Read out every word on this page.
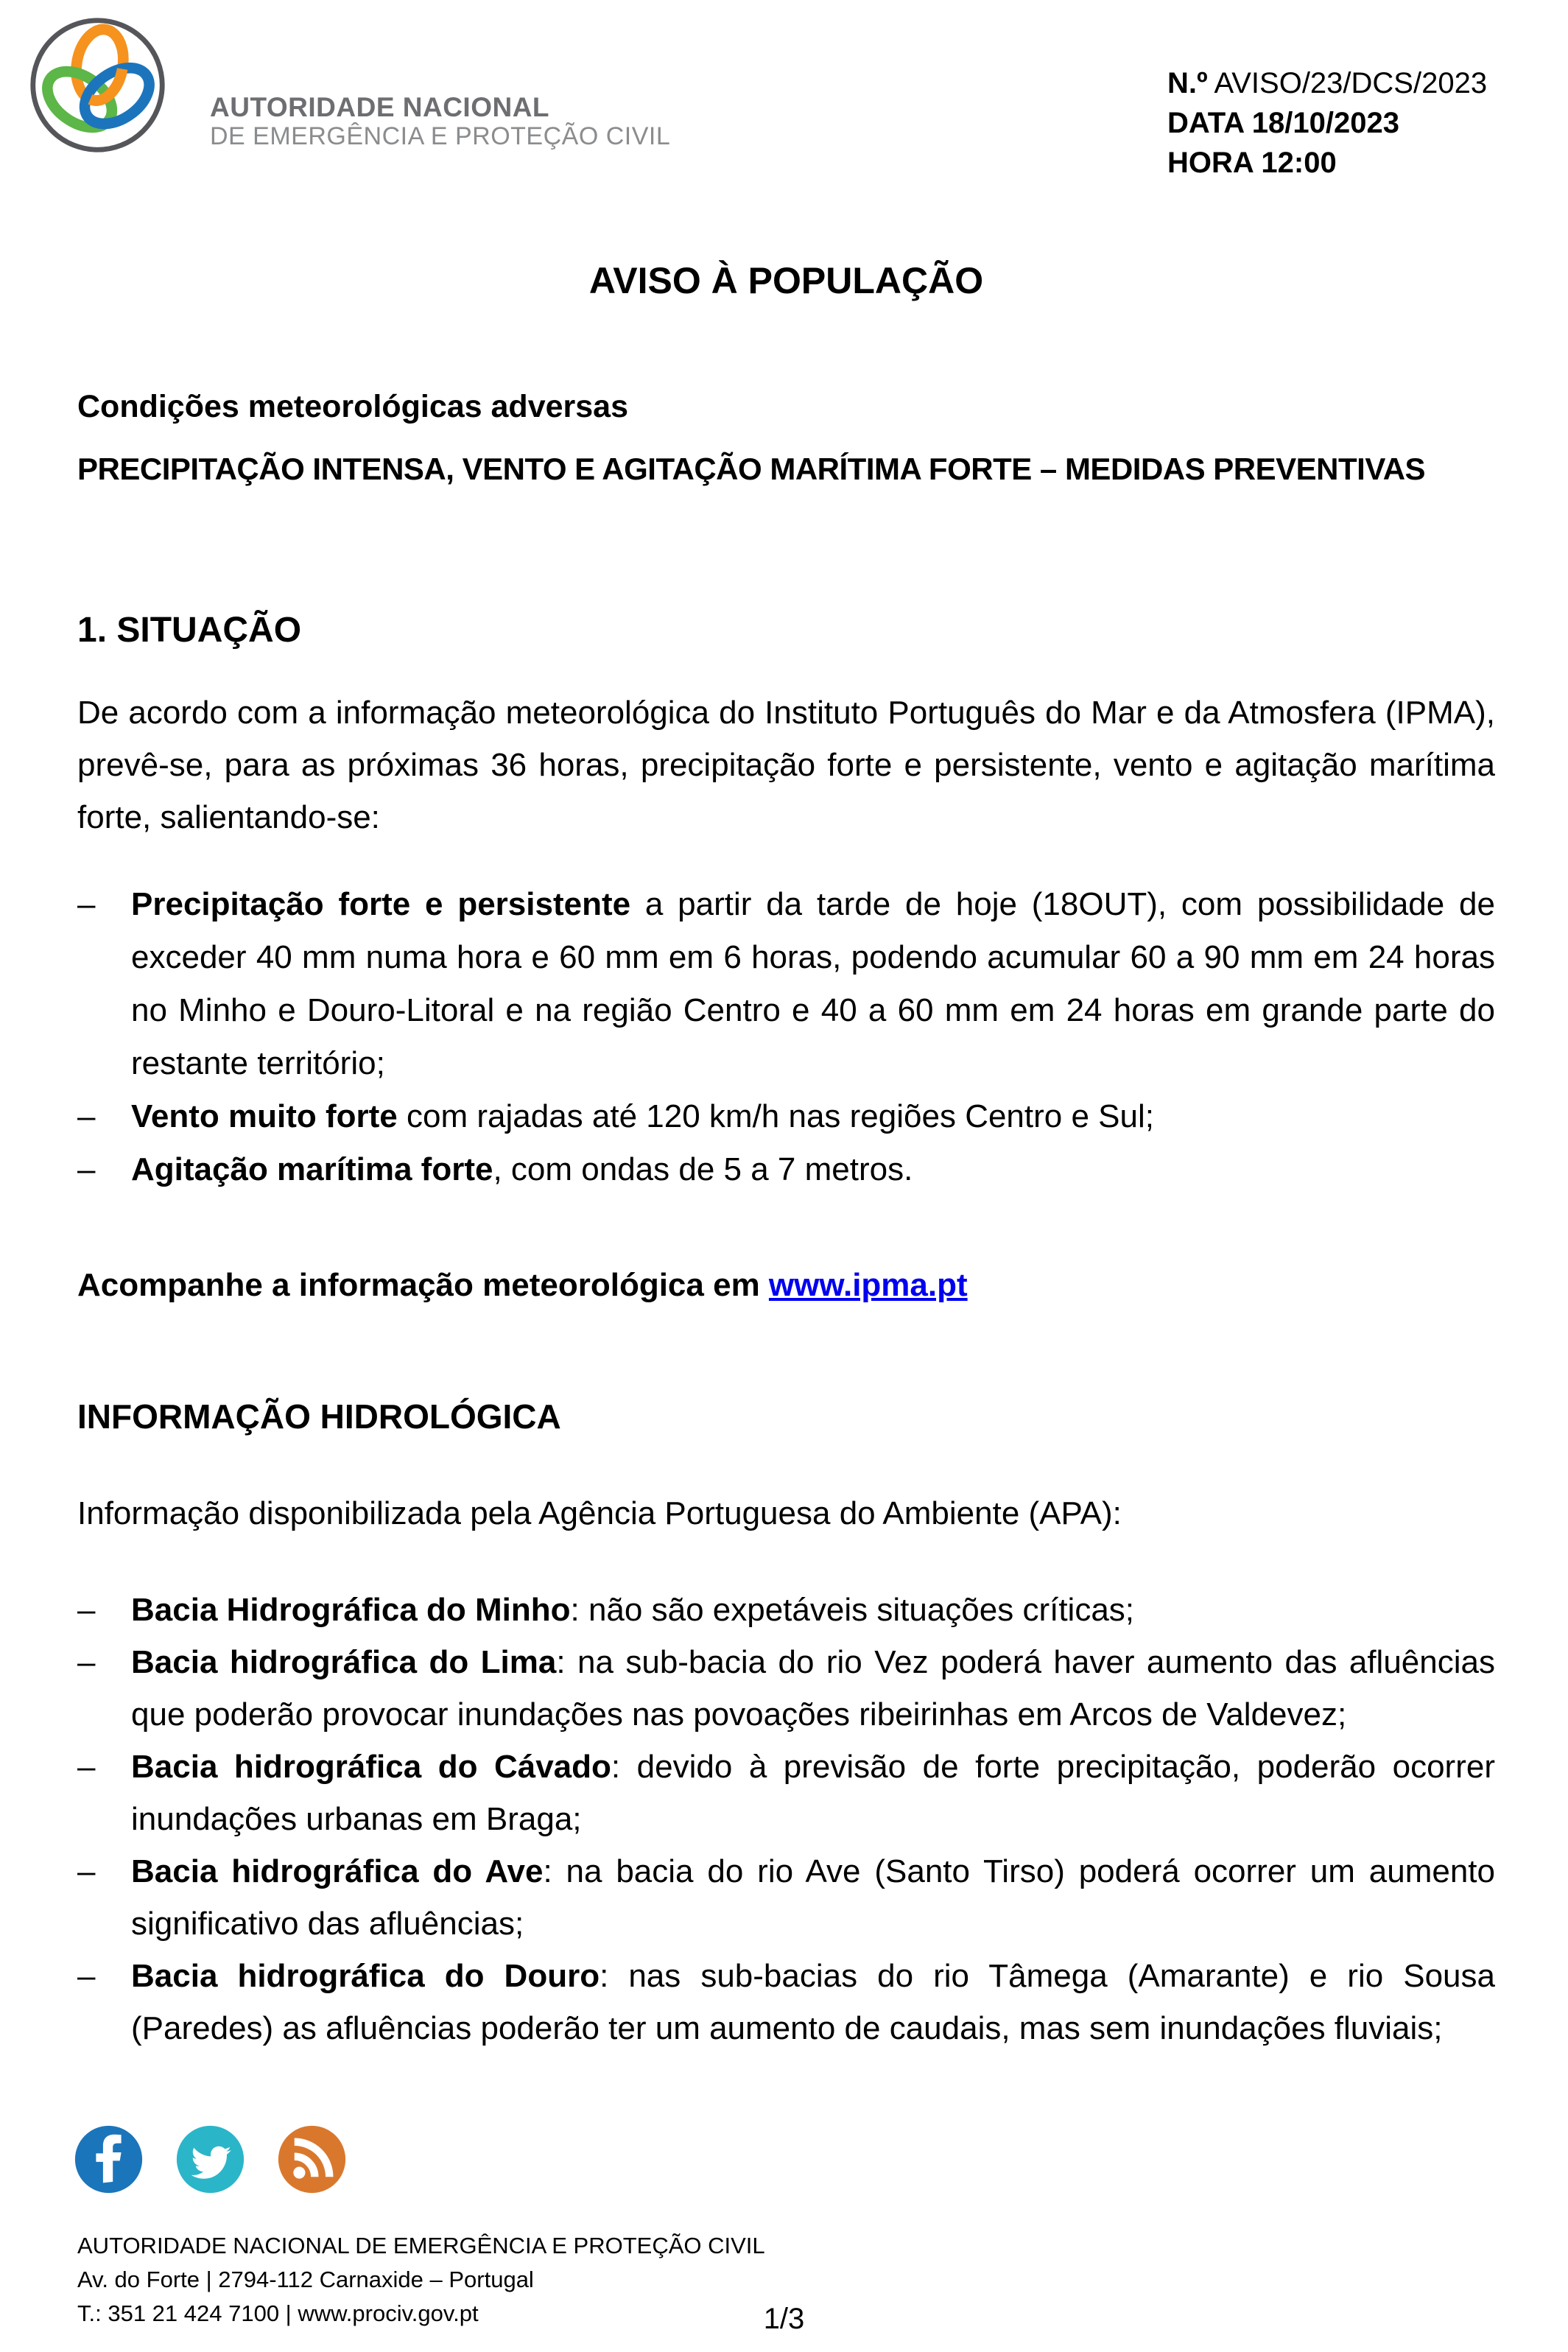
AUTORIDADE NACIONAL
DE EMERGÊNCIA E PROTEÇÃO CIVIL
N.º AVISO/23/DCS/2023
DATA 18/10/2023
HORA 12:00
AVISO À POPULAÇÃO
Condições meteorológicas adversas
PRECIPITAÇÃO INTENSA, VENTO E AGITAÇÃO MARÍTIMA FORTE – MEDIDAS PREVENTIVAS
1. SITUAÇÃO
De acordo com a informação meteorológica do Instituto Português do Mar e da Atmosfera (IPMA), prevê-se, para as próximas 36 horas, precipitação forte e persistente, vento e agitação marítima forte, salientando-se:
–	Precipitação forte e persistente a partir da tarde de hoje (18OUT), com possibilidade de exceder 40 mm numa hora e 60 mm em 6 horas, podendo acumular 60 a 90 mm em 24 horas no Minho e Douro-Litoral e na região Centro e 40 a 60 mm em 24 horas em grande parte do restante território;
–	Vento muito forte com rajadas até 120 km/h nas regiões Centro e Sul;
–	Agitação marítima forte, com ondas de 5 a 7 metros.
Acompanhe a informação meteorológica em www.ipma.pt
INFORMAÇÃO HIDROLÓGICA
Informação disponibilizada pela Agência Portuguesa do Ambiente (APA):
–	Bacia Hidrográfica do Minho: não são expetáveis situações críticas;
–	Bacia hidrográfica do Lima: na sub-bacia do rio Vez poderá haver aumento das afluências que poderão provocar inundações nas povoações ribeirinhas em Arcos de Valdevez;
–	Bacia hidrográfica do Cávado: devido à previsão de forte precipitação, poderão ocorrer inundações urbanas em Braga;
–	Bacia hidrográfica do Ave: na bacia do rio Ave (Santo Tirso) poderá ocorrer um aumento significativo das afluências;
–	Bacia hidrográfica do Douro: nas sub-bacias do rio Tâmega (Amarante) e rio Sousa (Paredes) as afluências poderão ter um aumento de caudais, mas sem inundações fluviais;
AUTORIDADE NACIONAL DE EMERGÊNCIA E PROTEÇÃO CIVIL
Av. do Forte | 2794-112 Carnaxide – Portugal
T.: 351 21 424 7100 | www.prociv.gov.pt	1/3
